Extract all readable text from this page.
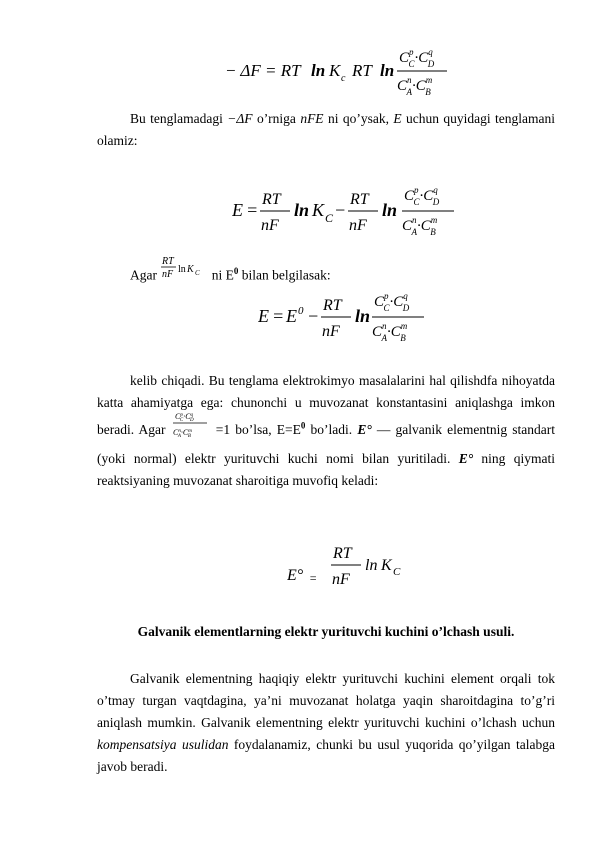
− ΔF = RT ln K c RT ln
$C^p$ $C\cdot C^q$ D
$C^n$ $A\cdot C^m$ B
Bu tenglamadagi −ΔF o’rniga nFE ni qo’ysak, E uchun quyidagi tenglamani olamiz:
E =
RT
nF
ln K C −
RT
nF
ln
$C^p$ $C\cdot C^q$ D
$C^n$ $A\cdot C^m$ B
Agar
RT
nF ln K C ni $E^0$ bilan belgilasak:
E = E 0 −
RT
nF
ln
$C^p$ $C\cdot C^q$ D
$C^n$ $A\cdot C^m$ B
kelib chiqadi. Bu tenglama elektrokimyo masalalarini hal qilishdfa nihoyatda katta ahamiyatga ega: chunonchi u muvozanat konstantasini aniqlashga imkon beradi. Agar
$C^p$ $C\cdot C^q$ D
$C^n$ $A\cdot C^m$ B =1 bo’lsa, $E=E^0$ bo’ladi. E° — galvanik elementnig standart (yoki normal) elektr yurituvchi kuchi nomi bilan yuritiladi. E° ning qiymati reaktsiyaning muvozanat sharoitiga muvofiq keladi:
E° =
RT
nF
ln K C
Galvanik elementlarning elektr yurituvchi kuchini o’lchash usuli.
Galvanik elementning haqiqiy elektr yurituvchi kuchini element orqali tok o’tmay turgan vaqtdagina, ya’ni muvozanat holatga yaqin sharoitdagina to’g’ri aniqlash mumkin. Galvanik elementning elektr yurituvchi kuchini o’lchash uchun kompensatsiya usulidan foydalanamiz, chunki bu usul yuqorida qo’yilgan talabga javob beradi.
